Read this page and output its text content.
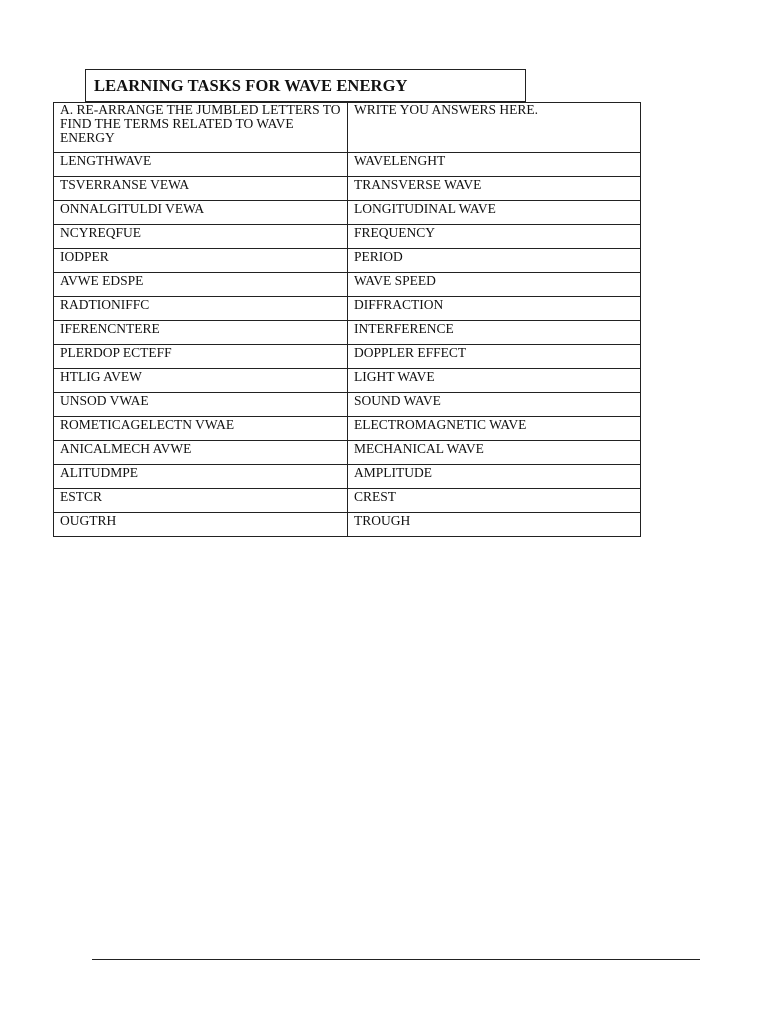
LEARNING TASKS FOR WAVE ENERGY
A. RE-ARRANGE THE JUMBLED LETTERS TO FIND THE TERMS RELATED TO WAVE ENERGY	WRITE YOU ANSWERS HERE.
LENGTHWAVE	WAVELENGHT
TSVERRANSE VEWA	TRANSVERSE WAVE
ONNALGITULDI VEWA	LONGITUDINAL WAVE
NCYREQFUE	FREQUENCY
IODPER	PERIOD
AVWE EDSPE	WAVE SPEED
RADTIONIFFC	DIFFRACTION
IFERENCNTERE	INTERFERENCE
PLERDOP ECTEFF	DOPPLER EFFECT
HTLIG AVEW	LIGHT WAVE
UNSOD VWAE	SOUND WAVE
ROMETICAGELECTN VWAE	ELECTROMAGNETIC WAVE
ANICALMECH AVWE	MECHANICAL WAVE
ALITUDMPE	AMPLITUDE
ESTCR	CREST
OUGTRH	TROUGH
